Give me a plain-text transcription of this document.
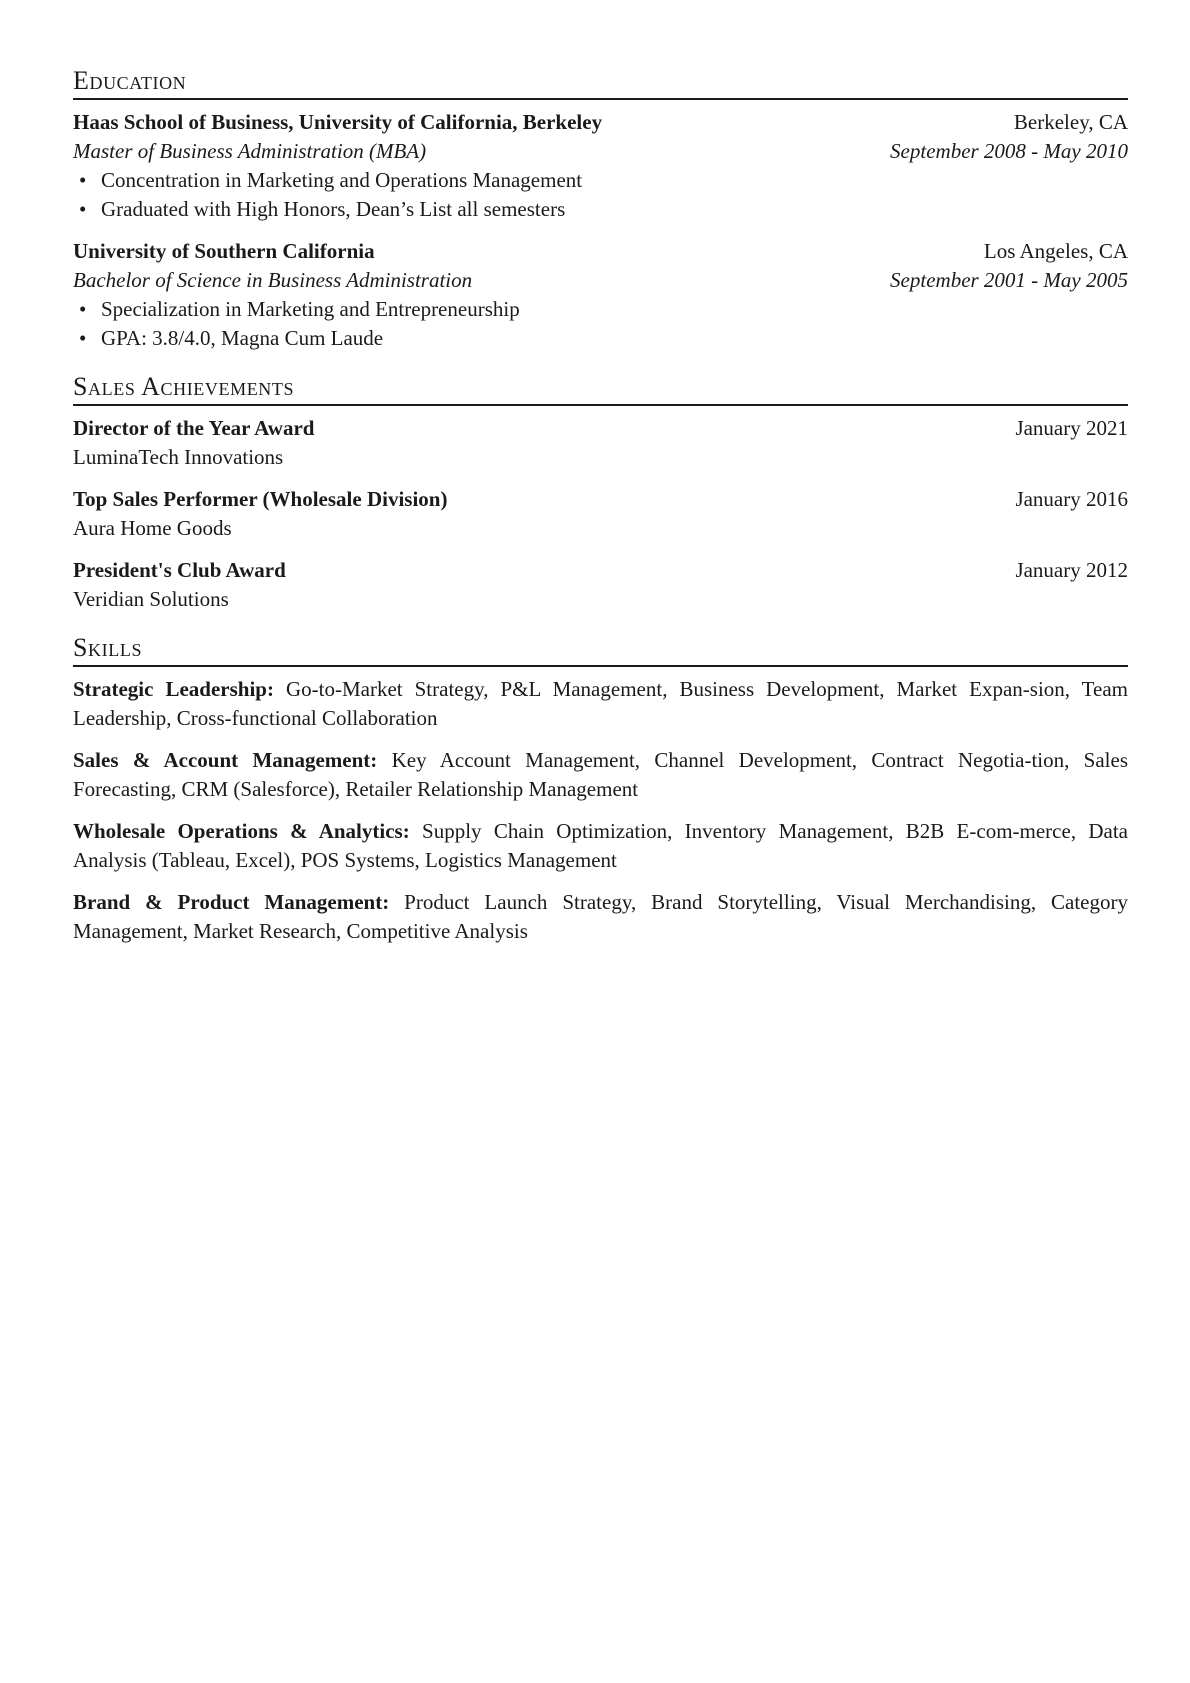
Education
Haas School of Business, University of California, Berkeley	Berkeley, CA
Master of Business Administration (MBA)	September 2008 - May 2010
• Concentration in Marketing and Operations Management
• Graduated with High Honors, Dean’s List all semesters
University of Southern California	Los Angeles, CA
Bachelor of Science in Business Administration	September 2001 - May 2005
• Specialization in Marketing and Entrepreneurship
• GPA: 3.8/4.0, Magna Cum Laude
Sales Achievements
Director of the Year Award	January 2021
LuminaTech Innovations
Top Sales Performer (Wholesale Division)	January 2016
Aura Home Goods
President's Club Award	January 2012
Veridian Solutions
Skills
Strategic Leadership: Go-to-Market Strategy, P&L Management, Business Development, Market Expan-sion, Team Leadership, Cross-functional Collaboration
Sales & Account Management: Key Account Management, Channel Development, Contract Negotia-tion, Sales Forecasting, CRM (Salesforce), Retailer Relationship Management
Wholesale Operations & Analytics: Supply Chain Optimization, Inventory Management, B2B E-com-merce, Data Analysis (Tableau, Excel), POS Systems, Logistics Management
Brand & Product Management: Product Launch Strategy, Brand Storytelling, Visual Merchandising, Category Management, Market Research, Competitive Analysis
